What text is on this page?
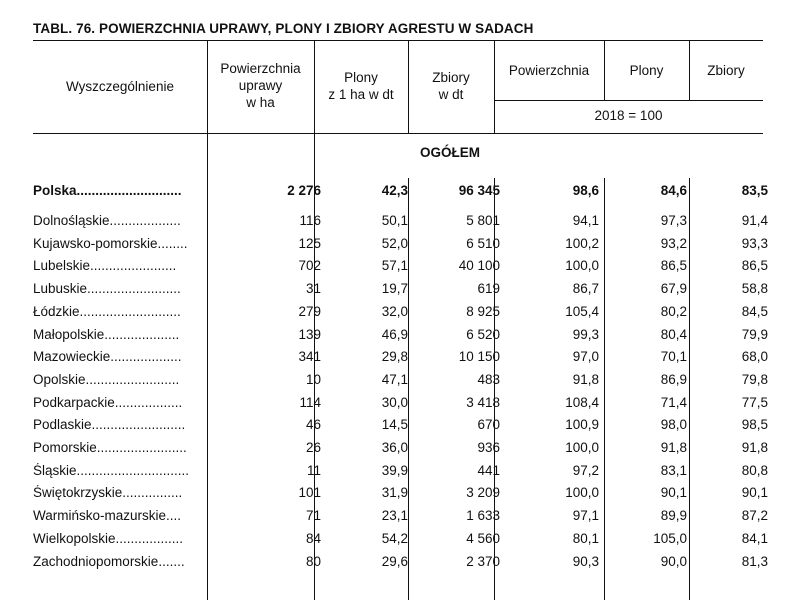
TABL. 76. POWIERZCHNIA UPRAWY, PLONY I ZBIORY AGRESTU W SADACH
Wyszczególnienie
Powierzchnia
uprawy
w ha
Plony
z 1 ha w dt
Zbiory
w dt
Powierzchnia	Plony	Zbiory
2018 = 100
OGÓŁEM
Polska............................	2 276	42,3	96 345	98,6	84,6	83,5
Dolnośląskie...................	116	50,1	5 801	94,1	97,3	91,4
Kujawsko-pomorskie........	125	52,0	6 510	100,2	93,2	93,3
Lubelskie.......................	702	57,1	40 100	100,0	86,5	86,5
Lubuskie.........................	31	19,7	619	86,7	67,9	58,8
Łódzkie...........................	279	32,0	8 925	105,4	80,2	84,5
Małopolskie....................	139	46,9	6 520	99,3	80,4	79,9
Mazowieckie...................	341	29,8	10 150	97,0	70,1	68,0
Opolskie.........................	10	47,1	483	91,8	86,9	79,8
Podkarpackie..................	114	30,0	3 418	108,4	71,4	77,5
Podlaskie.........................	46	14,5	670	100,9	98,0	98,5
Pomorskie........................	26	36,0	936	100,0	91,8	91,8
Śląskie..............................	11	39,9	441	97,2	83,1	80,8
Świętokrzyskie................	101	31,9	3 209	100,0	90,1	90,1
Warmińsko-mazurskie....	71	23,1	1 633	97,1	89,9	87,2
Wielkopolskie..................	84	54,2	4 560	80,1	105,0	84,1
Zachodniopomorskie.......	80	29,6	2 370	90,3	90,0	81,3
